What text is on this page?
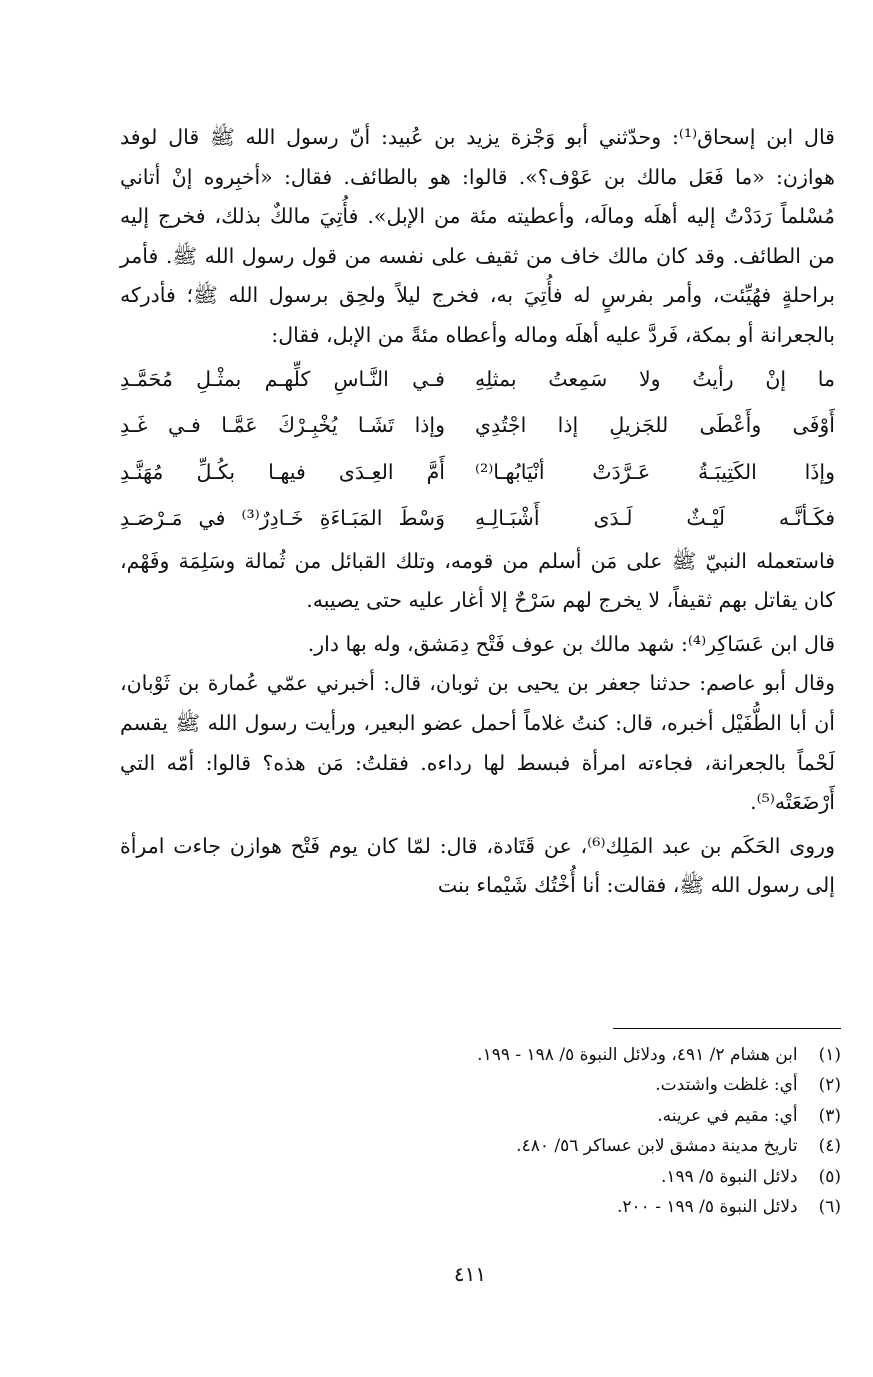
قال ابن إسحاق⁽¹⁾: وحدّثني أبو وَجْزة يزيد بن عُبيد: أنّ رسول الله ﷺ قال لوفد هوازن: «ما فَعَل مالك بن عَوْف؟». قالوا: هو بالطائف. فقال: «أخبِروه إنْ أتاني مُسْلماً رَدَدْتُ إليه أهلَه ومالَه، وأعطيته مئة من الإبل». فأُتِيَ مالكٌ بذلك، فخرج إليه من الطائف. وقد كان مالك خاف من ثقيف على نفسه من قول رسول الله ﷺ. فأمر براحلةٍ فهُيِّئت، وأمر بفرسٍ له فأُتِيَ به، فخرج ليلاً ولحِق برسول الله ﷺ؛ فأدركه بالجعرانة أو بمكة، فَردَّ عليه أهلَه وماله وأعطاه مئةً من الإبل، فقال:

ما إنْ رأيتُ ولا سَمِعتُ بمثلِهِ
فـي النَّـاسِ كلِّهـم بمثْـلِ مُحَمَّـدِ
أَوْفَى وأَعْطَى للجَزيلِ إذا اجْتُدِي
وإذا تَشَـا يُخْبِـرْكَ عَمَّـا فـي غَـدِ
وإذَا الكَتِيبَـةُ عَـرَّدَتْ أنْيَابُهـا⁽²⁾
أَمَّ العِـدَى فيهـا بكُـلِّ مُهَنَّـدِ
فكَـأنَّـه لَيْـثٌ لَـدَى أَشْبَـالِـهِ
وَسْطَ المَبَـاءَةِ خَـادِرٌ⁽³⁾ في مَـرْصَـدِ

فاستعمله النبيّ ﷺ على مَن أسلم من قومه، وتلك القبائل من ثُمالة وسَلِمَة وفَهْم، كان يقاتل بهم ثقيفاً، لا يخرج لهم سَرْحٌ إلا أغار عليه حتى يصيبه.

قال ابن عَسَاكِر⁽⁴⁾: شهد مالك بن عوف فَتْح دِمَشق، وله بها دار.

وقال أبو عاصم: حدثنا جعفر بن يحيى بن ثوبان، قال: أخبرني عمّي عُمارة بن ثَوْبان، أن أبا الطُّفَيْل أخبره، قال: كنتُ غلاماً أحمل عضو البعير، ورأيت رسول الله ﷺ يقسم لَحْماً بالجعرانة، فجاءته امرأة فبسط لها رداءه. فقلتُ: مَن هذه؟ قالوا: أمّه التي أَرْضَعَتْه⁽⁵⁾.

وروى الحَكَم بن عبد المَلِك⁽⁶⁾، عن قَتَادة، قال: لمّا كان يوم فَتْح هوازن جاءت امرأة إلى رسول الله ﷺ، فقالت: أنا أُخْتُك شَيْماء بنت

(١) ابن هشام ٢/ ٤٩١، ودلائل النبوة ٥/ ١٩٨ - ١٩٩.

(٢) أي: غلظت واشتدت.

(٣) أي: مقيم في عرينه.

(٤) تاريخ مدينة دمشق لابن عساكر ٥٦/ ٤٨٠.

(٥) دلائل النبوة ٥/ ١٩٩.

(٦) دلائل النبوة ٥/ ١٩٩ - ٢٠٠.

٤١١
